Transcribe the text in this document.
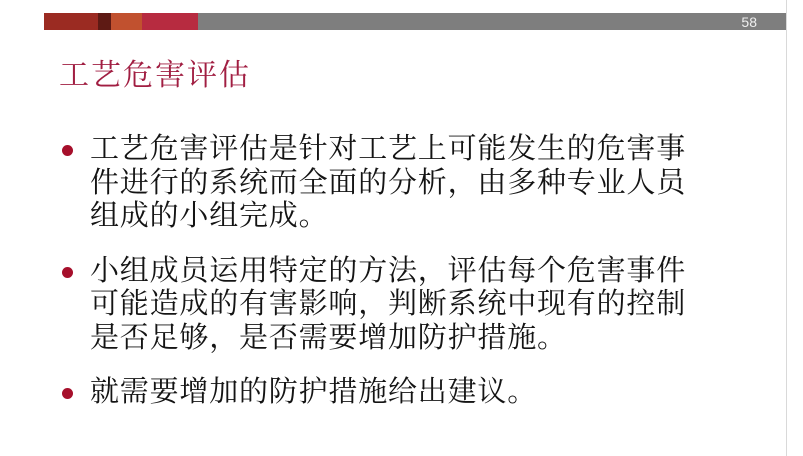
58
工艺危害评估
工艺危害评估是针对工艺上可能发生的危害事
件进行的系统而全面的分析，由多种专业人员
组成的小组完成。
小组成员运用特定的方法，评估每个危害事件
可能造成的有害影响，判断系统中现有的控制
是否足够，是否需要增加防护措施。
就需要增加的防护措施给出建议。
